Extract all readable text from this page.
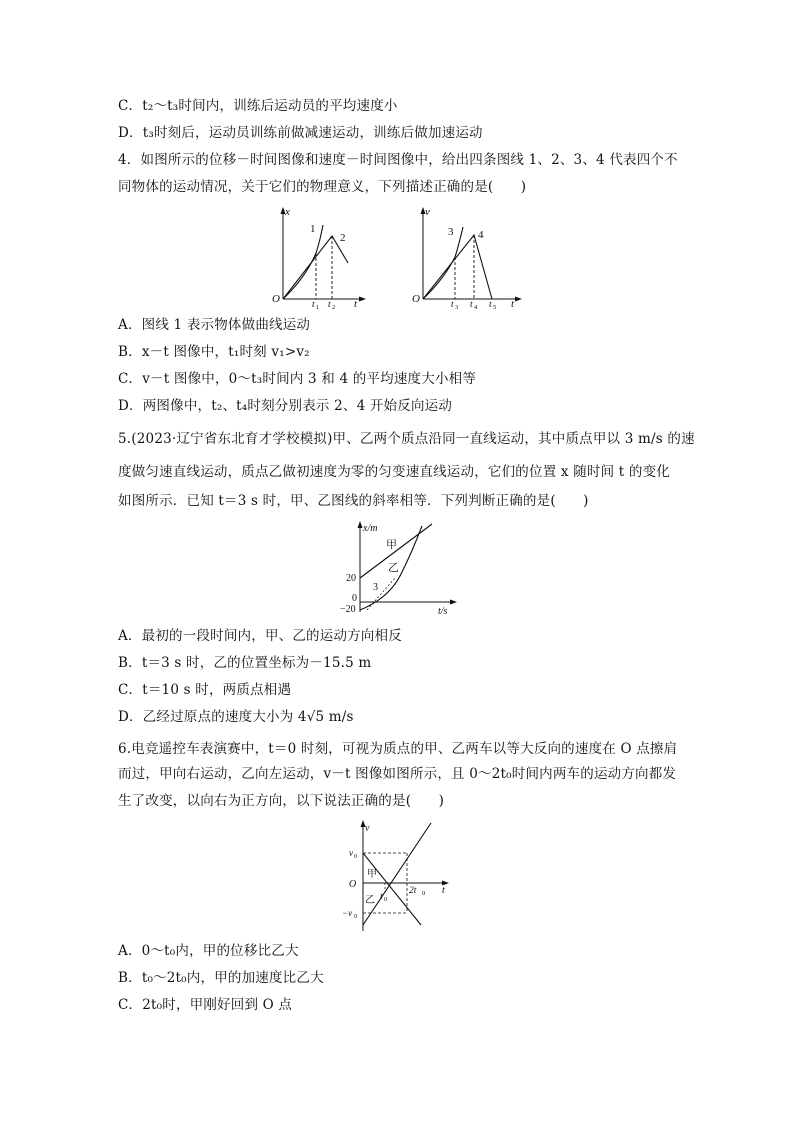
C．t₂～t₃时间内，训练后运动员的平均速度小
D．t₃时刻后，运动员训练前做减速运动，训练后做加速运动
4．如图所示的位移－时间图像和速度－时间图像中，给出四条图线 1、2、3、4 代表四个不
同物体的运动情况，关于它们的物理意义，下列描述正确的是(　　)
x
t
O
1
2
t 1 t 2
v
t
O
3 4
t 3 t 4 t 5
A．图线 1 表示物体做曲线运动
B．x－t 图像中，t₁时刻 v₁>v₂
C．v－t 图像中，0～t₃时间内 3 和 4 的平均速度大小相等
D．两图像中，t₂、t₄时刻分别表示 2、4 开始反向运动
5.(2023·辽宁省东北育才学校模拟)甲、乙两个质点沿同一直线运动，其中质点甲以 3 m/s 的速
度做匀速直线运动，质点乙做初速度为零的匀变速直线运动，它们的位置 x 随时间 t 的变化
如图所示．已知 t＝3 s 时，甲、乙图线的斜率相等．下列判断正确的是(　　)
x/m
t/s
20
−20
0
甲
乙
3
A．最初的一段时间内，甲、乙的运动方向相反
B．t＝3 s 时，乙的位置坐标为－15.5 m
C．t＝10 s 时，两质点相遇
D．乙经过原点的速度大小为 4√5 m/s
6.电竞遥控车表演赛中，t＝0 时刻，可视为质点的甲、乙两车以等大反向的速度在 O 点擦肩
而过，甲向右运动，乙向左运动，v－t 图像如图所示，且 0～2t₀时间内两车的运动方向都发
生了改变，以向右为正方向，以下说法正确的是(　　)
v
t
O
v 0
−v 0
t 0
2t 0
甲
乙
A．0～t₀内，甲的位移比乙大
B．t₀～2t₀内，甲的加速度比乙大
C．2t₀时，甲刚好回到 O 点
